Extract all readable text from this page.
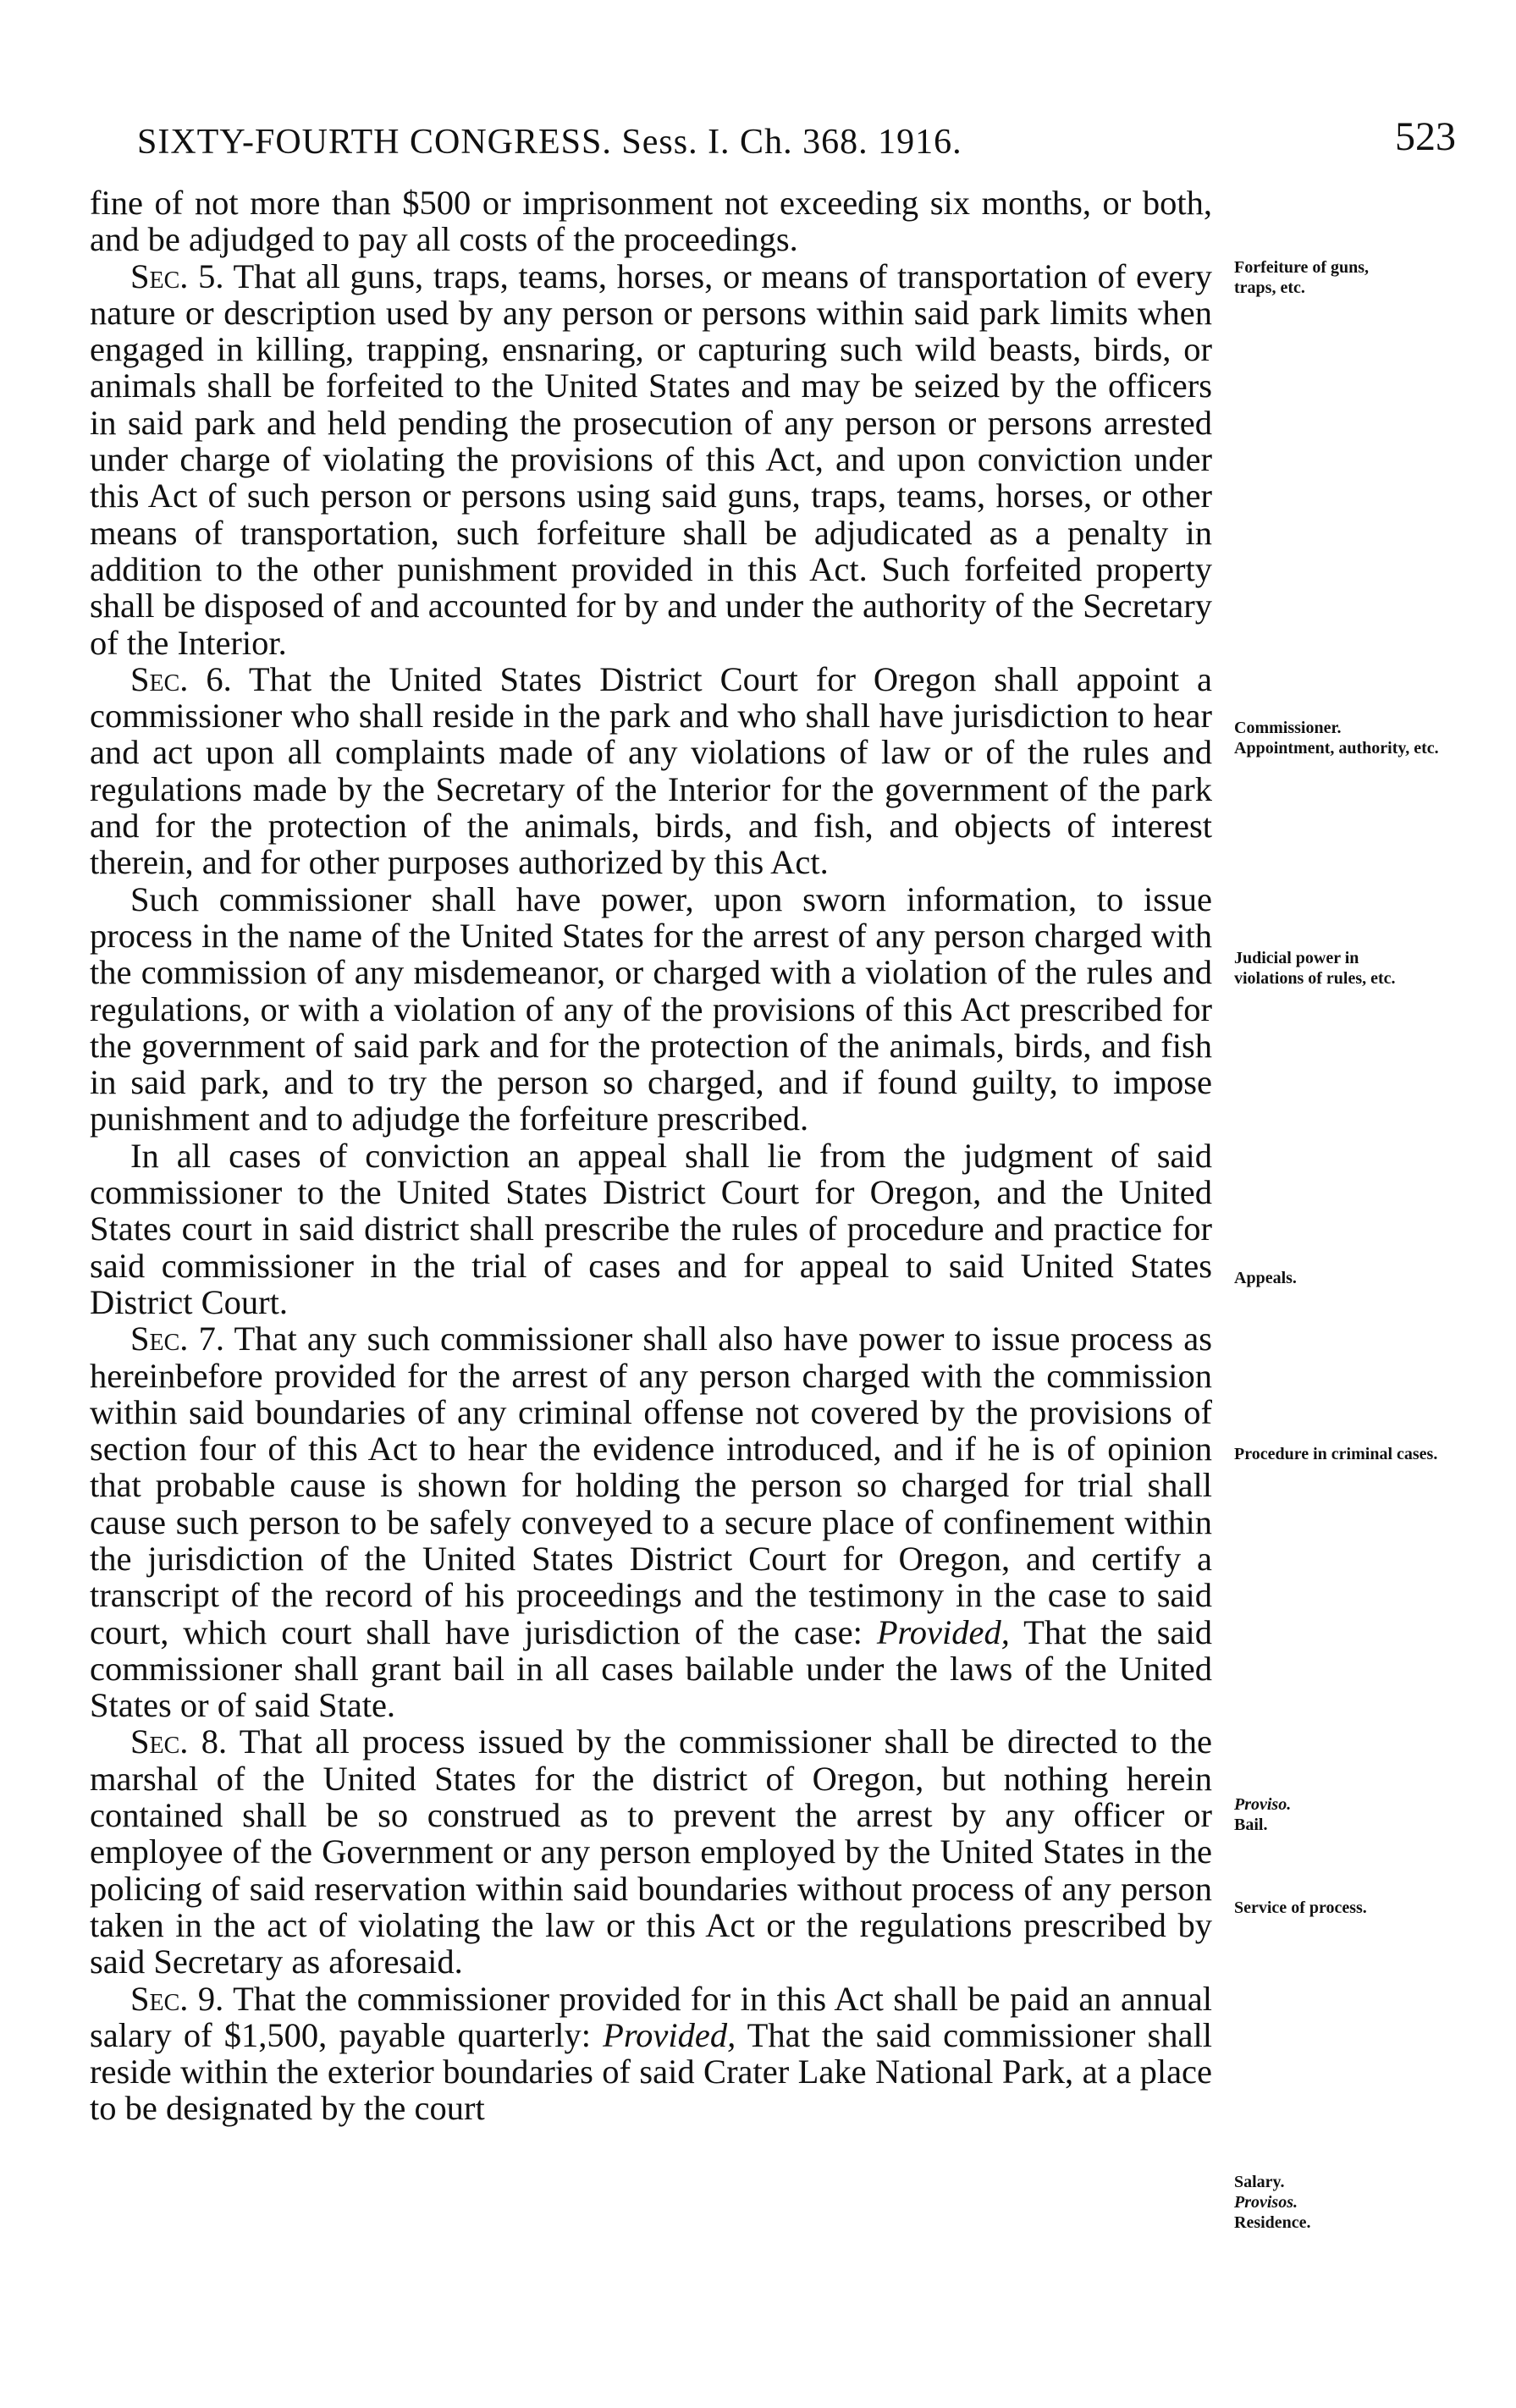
SIXTY-FOURTH CONGRESS. Sess. I. Ch. 368. 1916.	523

fine of not more than $500 or imprisonment not exceeding six months, or both, and be adjudged to pay all costs of the proceedings.

Sec. 5. That all guns, traps, teams, horses, or means of transportation of every nature or description used by any person or persons within said park limits when engaged in killing, trapping, ensnaring, or capturing such wild beasts, birds, or animals shall be forfeited to the United States and may be seized by the officers in said park and held pending the prosecution of any person or persons arrested under charge of violating the provisions of this Act, and upon conviction under this Act of such person or persons using said guns, traps, teams, horses, or other means of transportation, such forfeiture shall be adjudicated as a penalty in addition to the other punishment provided in this Act. Such forfeited property shall be disposed of and accounted for by and under the authority of the Secretary of the Interior.

Sec. 6. That the United States District Court for Oregon shall appoint a commissioner who shall reside in the park and who shall have jurisdiction to hear and act upon all complaints made of any violations of law or of the rules and regulations made by the Secretary of the Interior for the government of the park and for the protection of the animals, birds, and fish, and objects of interest therein, and for other purposes authorized by this Act.

Such commissioner shall have power, upon sworn information, to issue process in the name of the United States for the arrest of any person charged with the commission of any misdemeanor, or charged with a violation of the rules and regulations, or with a violation of any of the provisions of this Act prescribed for the government of said park and for the protection of the animals, birds, and fish in said park, and to try the person so charged, and if found guilty, to impose punishment and to adjudge the forfeiture prescribed.

In all cases of conviction an appeal shall lie from the judgment of said commissioner to the United States District Court for Oregon, and the United States court in said district shall prescribe the rules of procedure and practice for said commissioner in the trial of cases and for appeal to said United States District Court.

Sec. 7. That any such commissioner shall also have power to issue process as hereinbefore provided for the arrest of any person charged with the commission within said boundaries of any criminal offense not covered by the provisions of section four of this Act to hear the evidence introduced, and if he is of opinion that probable cause is shown for holding the person so charged for trial shall cause such person to be safely conveyed to a secure place of confinement within the jurisdiction of the United States District Court for Oregon, and certify a transcript of the record of his proceedings and the testimony in the case to said court, which court shall have jurisdiction of the case: Provided, That the said commissioner shall grant bail in all cases bailable under the laws of the United States or of said State.

Sec. 8. That all process issued by the commissioner shall be directed to the marshal of the United States for the district of Oregon, but nothing herein contained shall be so construed as to prevent the arrest by any officer or employee of the Government or any person employed by the United States in the policing of said reservation within said boundaries without process of any person taken in the act of violating the law or this Act or the regulations prescribed by said Secretary as aforesaid.

Sec. 9. That the commissioner provided for in this Act shall be paid an annual salary of $1,500, payable quarterly: Provided, That the said commissioner shall reside within the exterior boundaries of said Crater Lake National Park, at a place to be designated by the court

Forfeiture of guns,
traps, etc.
Commissioner.
Appointment, authority, etc.
Judicial power in
violations of rules, etc.
Appeals.
Procedure in criminal cases.
Proviso.
Bail.
Service of process.
Salary.
Provisos.
Residence.
